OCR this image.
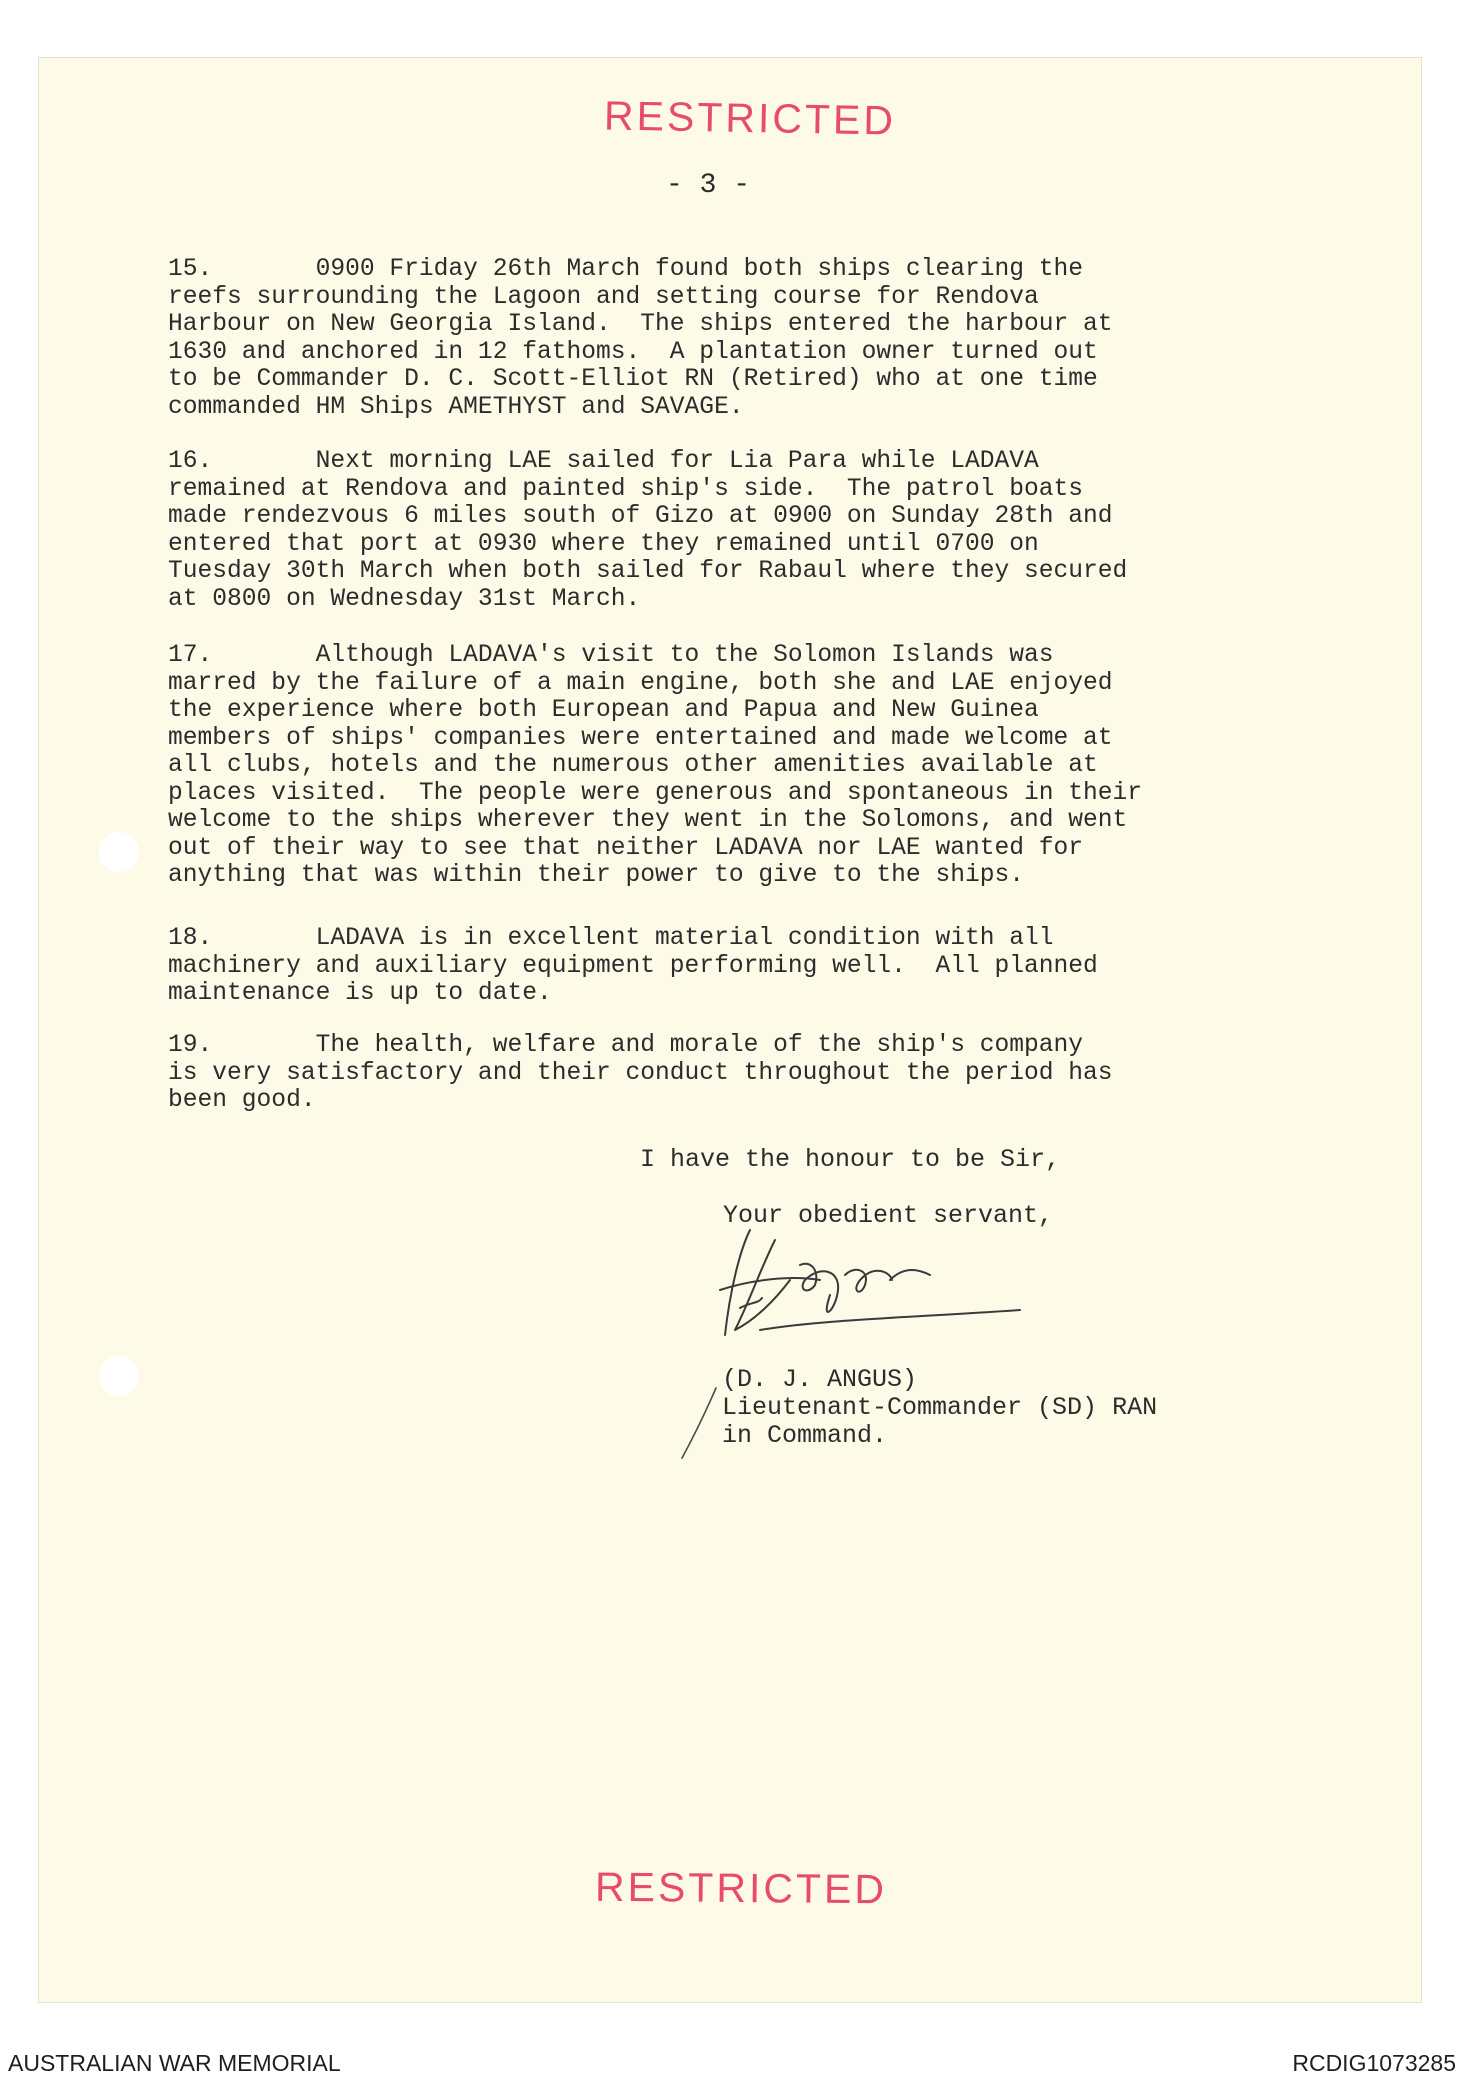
RESTRICTED
- 3 -

15.       0900 Friday 26th March found both ships clearing the
reefs surrounding the Lagoon and setting course for Rendova
Harbour on New Georgia Island.  The ships entered the harbour at
1630 and anchored in 12 fathoms.  A plantation owner turned out
to be Commander D. C. Scott-Elliot RN (Retired) who at one time
commanded HM Ships AMETHYST and SAVAGE.

16.       Next morning LAE sailed for Lia Para while LADAVA
remained at Rendova and painted ship's side.  The patrol boats
made rendezvous 6 miles south of Gizo at 0900 on Sunday 28th and
entered that port at 0930 where they remained until 0700 on
Tuesday 30th March when both sailed for Rabaul where they secured
at 0800 on Wednesday 31st March.

17.       Although LADAVA's visit to the Solomon Islands was
marred by the failure of a main engine, both she and LAE enjoyed
the experience where both European and Papua and New Guinea
members of ships' companies were entertained and made welcome at
all clubs, hotels and the numerous other amenities available at
places visited.  The people were generous and spontaneous in their
welcome to the ships wherever they went in the Solomons, and went
out of their way to see that neither LADAVA nor LAE wanted for
anything that was within their power to give to the ships.

18.       LADAVA is in excellent material condition with all
machinery and auxiliary equipment performing well.  All planned
maintenance is up to date.

19.       The health, welfare and morale of the ship's company
is very satisfactory and their conduct throughout the period has
been good.

I have the honour to be Sir,

Your obedient servant,

(D. J. ANGUS)
Lieutenant-Commander (SD) RAN
in Command.

RESTRICTED
AUSTRALIAN WAR MEMORIAL	RCDIG1073285
